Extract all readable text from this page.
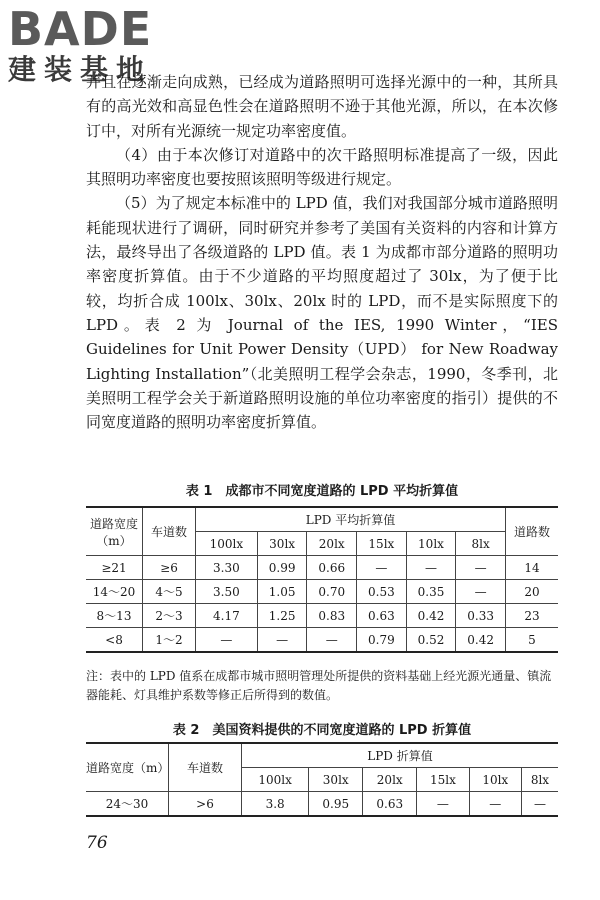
BADE
建装基地

并且在逐渐走向成熟，已经成为道路照明可选择光源中的一种，其所具有的高光效和高显色性会在道路照明不逊于其他光源，所以，在本次修订中，对所有光源统一规定功率密度值。

（4）由于本次修订对道路中的次干路照明标准提高了一级，因此其照明功率密度也要按照该照明等级进行规定。

（5）为了规定本标准中的 LPD 值，我们对我国部分城市道路照明耗能现状进行了调研，同时研究并参考了美国有关资料的内容和计算方法，最终导出了各级道路的 LPD 值。表 1 为成都市部分道路的照明功率密度折算值。由于不少道路的平均照度超过了 30lx，为了便于比较，均折合成 100lx、30lx、20lx 时的 LPD，而不是实际照度下的 LPD。表 2 为 Journal of the IES, 1990 Winter，“IES Guidelines for Unit Power Density（UPD） for New Roadway Lighting Installation”（北美照明工程学会杂志，1990，冬季刊，北美照明工程学会关于新道路照明设施的单位功率密度的指引）提供的不同宽度道路的照明功率密度折算值。

表 1　成都市不同宽度道路的 LPD 平均折算值
道路宽度（m）	车道数	LPD 平均折算值						道路数
		100lx	30lx	20lx	15lx	10lx	8lx	
≥21	≥6	3.30	0.99	0.66	—	—	—	14
14～20	4～5	3.50	1.05	0.70	0.53	0.35	—	20
8～13	2～3	4.17	1.25	0.83	0.63	0.42	0.33	23
<8	1～2	—	—	—	0.79	0.52	0.42	5
注：表中的 LPD 值系在成都市城市照明管理处所提供的资料基础上经光源光通量、镇流器能耗、灯具维护系数等修正后所得到的数值。
表 2　美国资料提供的不同宽度道路的 LPD 折算值
道路宽度（m）	车道数	LPD 折算值					
		100lx	30lx	20lx	15lx	10lx	8lx
24～30	>6	3.8	0.95	0.63	—	—	—
76
